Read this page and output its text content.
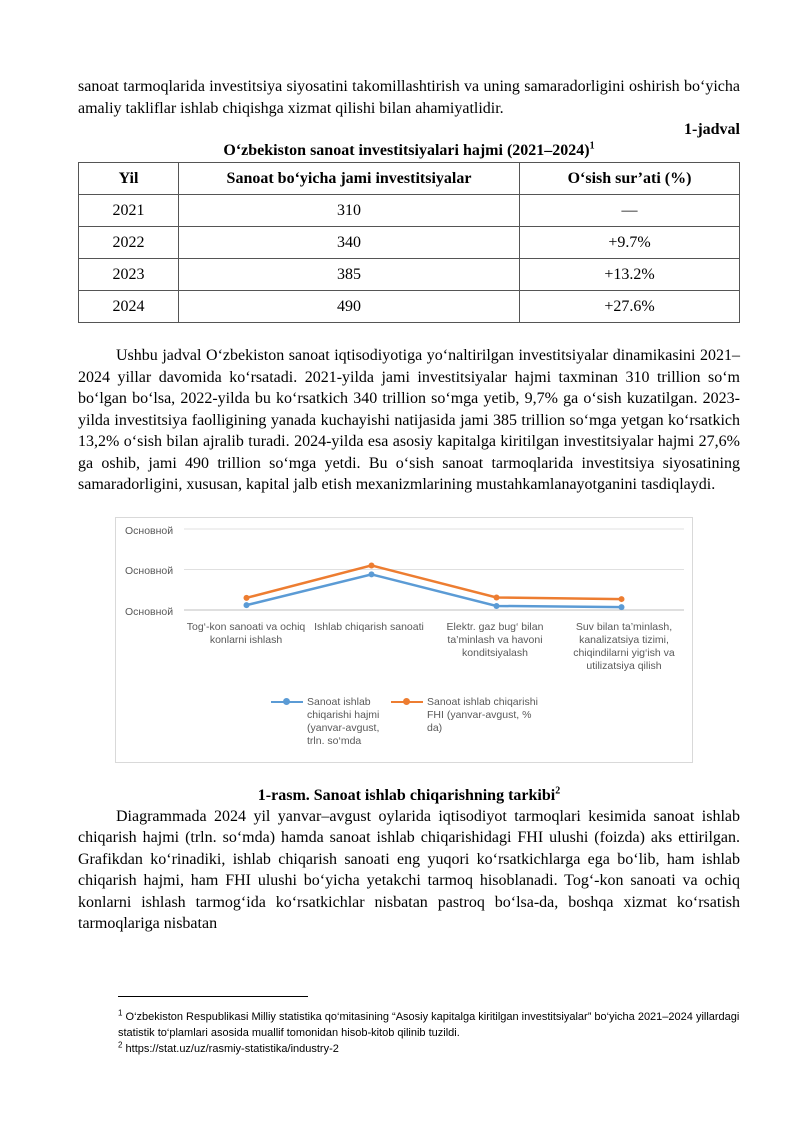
sanoat tarmoqlarida investitsiya siyosatini takomillashtirish va uning samaradorligini oshirish bo‘yicha amaliy takliflar ishlab chiqishga xizmat qilishi bilan ahamiyatlidir.

1-jadval
O‘zbekiston sanoat investitsiyalari hajmi (2021–2024)$^1$
Yil	Sanoat bo‘yicha jami investitsiyalar	O‘sish sur’ati (%)
2021	310	—
2022	340	+9.7%
2023	385	+13.2%
2024	490	+27.6%

Ushbu jadval O‘zbekiston sanoat iqtisodiyotiga yo‘naltirilgan investitsiyalar dinamikasini 2021–2024 yillar davomida ko‘rsatadi. 2021-yilda jami investitsiyalar hajmi taxminan 310 trillion so‘m bo‘lgan bo‘lsa, 2022-yilda bu ko‘rsatkich 340 trillion so‘mga yetib, 9,7% ga o‘sish kuzatilgan. 2023-yilda investitsiya faolligining yanada kuchayishi natijasida jami 385 trillion so‘mga yetgan ko‘rsatkich 13,2% o‘sish bilan ajralib turadi. 2024-yilda esa asosiy kapitalga kiritilgan investitsiyalar hajmi 27,6% ga oshib, jami 490 trillion so‘mga yetdi. Bu o‘sish sanoat tarmoqlarida investitsiya siyosatining samaradorligini, xususan, kapital jalb etish mexanizmlarining mustahkamlanayotganini tasdiqlaydi.

Основной
Основной
Основной
Tog‘-kon sanoati va ochiq konlarni ishlash
Ishlab chiqarish sanoati	Elektr. gaz bug‘ bilan ta’minlash va havoni konditsiyalash
Suv bilan ta’minlash, kanalizatsiya tizimi, chiqindilarni yig‘ish va utilizatsiya qilish
Sanoat ishlab chiqarishi hajmi (yanvar-avgust, trln. so‘mda
Sanoat ishlab chiqarishi FHI (yanvar-avgust, % da)
1-rasm. Sanoat ishlab chiqarishning tarkibi$^2$

Diagrammada 2024 yil yanvar–avgust oylarida iqtisodiyot tarmoqlari kesimida sanoat ishlab chiqarish hajmi (trln. so‘mda) hamda sanoat ishlab chiqarishidagi FHI ulushi (foizda) aks ettirilgan. Grafikdan ko‘rinadiki, ishlab chiqarish sanoati eng yuqori ko‘rsatkichlarga ega bo‘lib, ham ishlab chiqarish hajmi, ham FHI ulushi bo‘yicha yetakchi tarmoq hisoblanadi. Tog‘-kon sanoati va ochiq konlarni ishlash tarmog‘ida ko‘rsatkichlar nisbatan pastroq bo‘lsa-da, boshqa xizmat ko‘rsatish tarmoqlariga nisbatan

$^1$ O‘zbekiston Respublikasi Milliy statistika qo‘mitasining “Asosiy kapitalga kiritilgan investitsiyalar” bo‘yicha 2021–2024 yillardagi statistik to‘plamlari asosida muallif tomonidan hisob-kitob qilinib tuzildi.
$^2$ https://stat.uz/uz/rasmiy-statistika/industry-2
